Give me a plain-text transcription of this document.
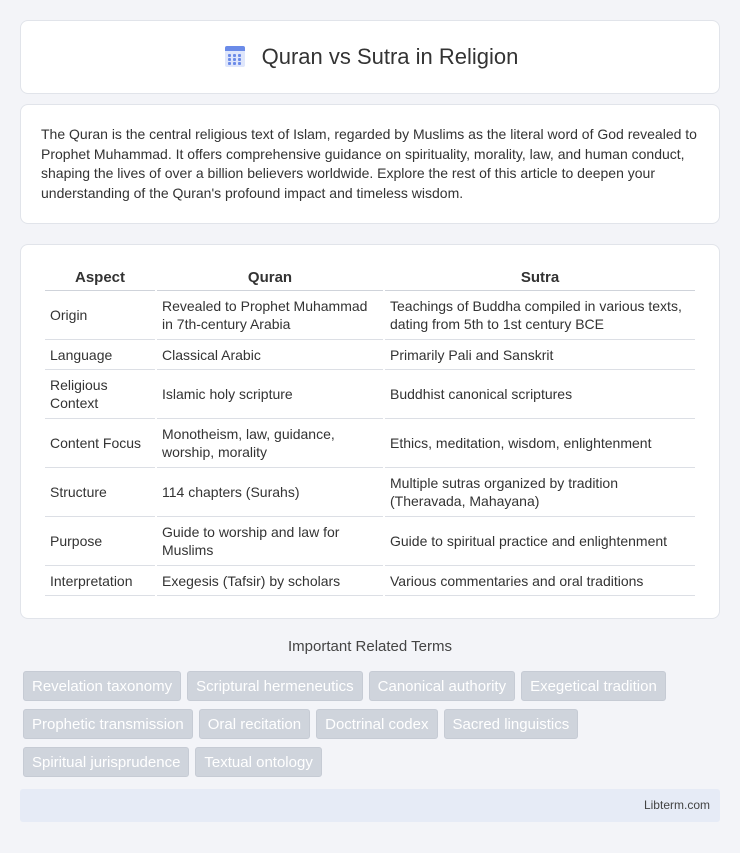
Quran vs Sutra in Religion

The Quran is the central religious text of Islam, regarded by Muslims as the literal word of God revealed to Prophet Muhammad. It offers comprehensive guidance on spirituality, morality, law, and human conduct, shaping the lives of over a billion believers worldwide. Explore the rest of this article to deepen your understanding of the Quran's profound impact and timeless wisdom.

Aspect	Quran	Sutra
Origin	Revealed to Prophet Muhammad in 7th-century Arabia	Teachings of Buddha compiled in various texts, dating from 5th to 1st century BCE
Language	Classical Arabic	Primarily Pali and Sanskrit
Religious Context	Islamic holy scripture	Buddhist canonical scriptures
Content Focus	Monotheism, law, guidance, worship, morality	Ethics, meditation, wisdom, enlightenment
Structure	114 chapters (Surahs)	Multiple sutras organized by tradition (Theravada, Mahayana)
Purpose	Guide to worship and law for Muslims	Guide to spiritual practice and enlightenment
Interpretation	Exegesis (Tafsir) by scholars	Various commentaries and oral traditions
Important Related Terms
Revelation taxonomy	Scriptural hermeneutics	Canonical authority	Exegetical tradition
Prophetic transmission	Oral recitation	Doctrinal codex	Sacred linguistics
Spiritual jurisprudence	Textual ontology
Libterm.com
